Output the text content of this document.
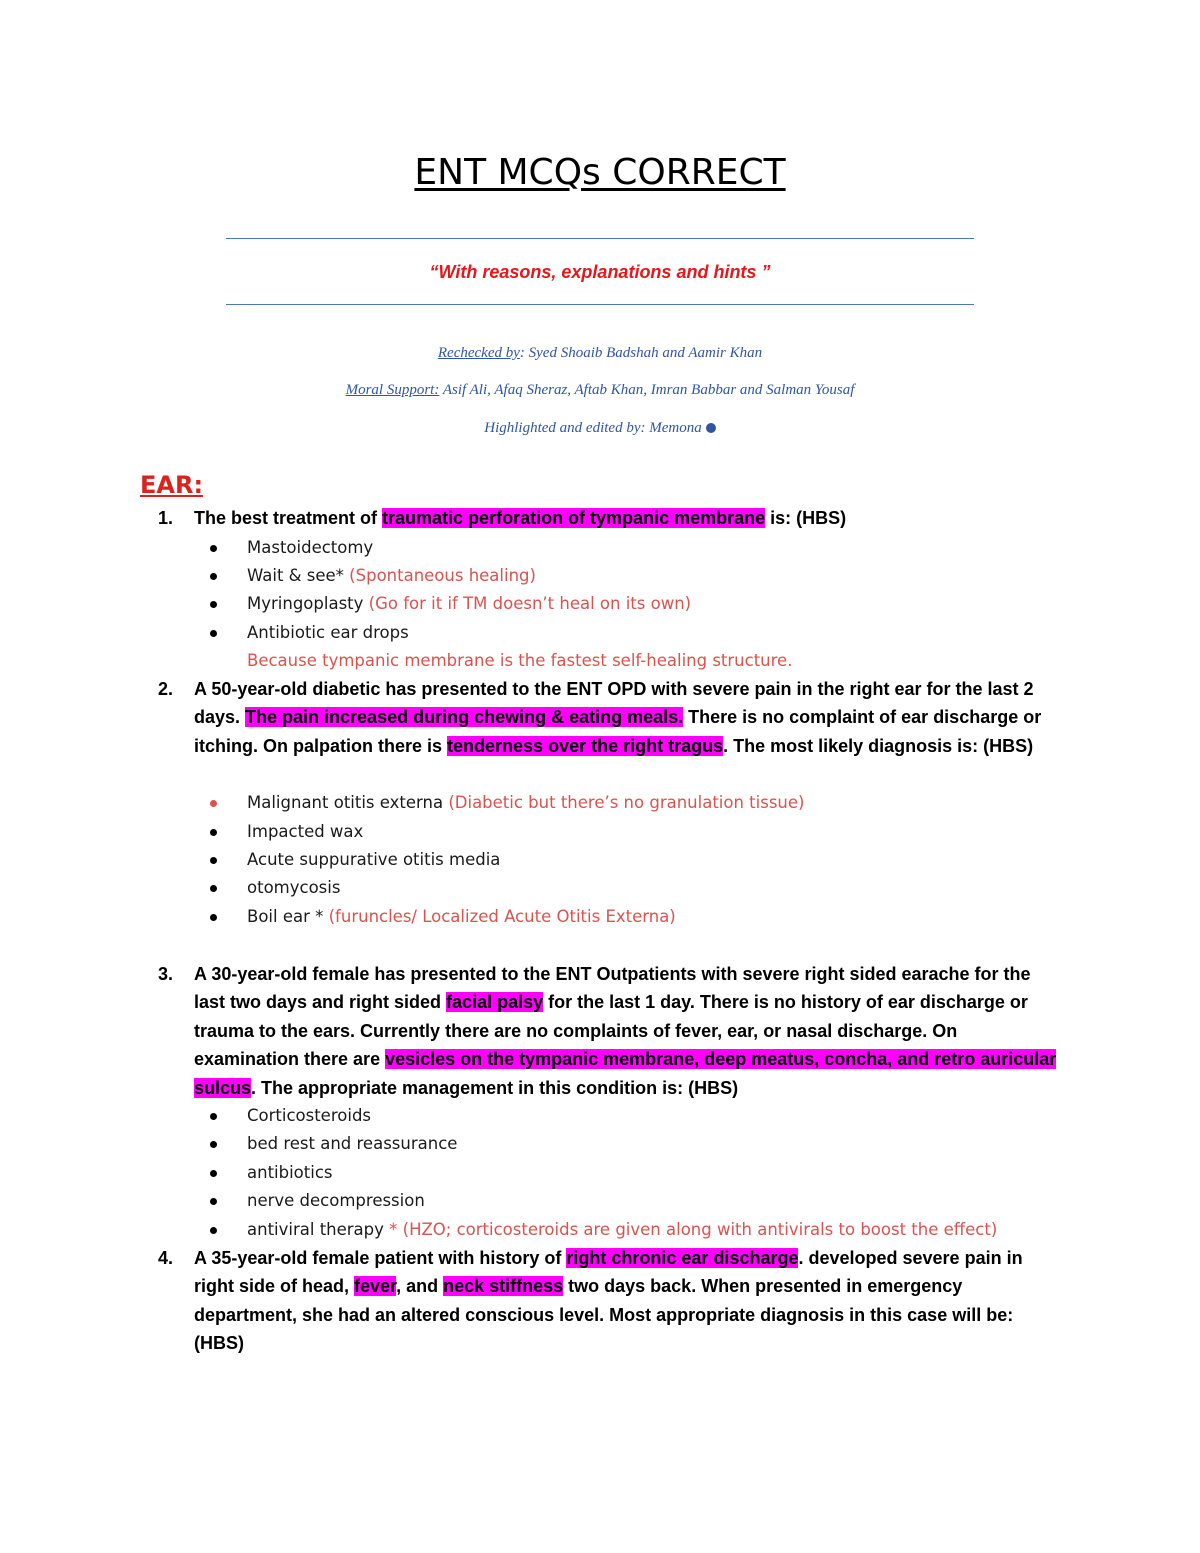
ENT MCQs CORRECT
“With reasons, explanations and hints ”
Rechecked by: Syed Shoaib Badshah and Aamir Khan
Moral Support: Asif Ali, Afaq Sheraz, Aftab Khan, Imran Babbar and Salman Yousaf
Highlighted and edited by: Memona
EAR:
1. The best treatment of traumatic perforation of tympanic membrane is: (HBS)
Mastoidectomy
Wait & see* (Spontaneous healing)
Myringoplasty (Go for it if TM doesn’t heal on its own)
Antibiotic ear drops
Because tympanic membrane is the fastest self-healing structure.
2. A 50-year-old diabetic has presented to the ENT OPD with severe pain in the right ear for the last 2 days. The pain increased during chewing & eating meals. There is no complaint of ear discharge or itching. On palpation there is tenderness over the right tragus. The most likely diagnosis is: (HBS)
Malignant otitis externa (Diabetic but there’s no granulation tissue)
Impacted wax
Acute suppurative otitis media
otomycosis
Boil ear * (furuncles/ Localized Acute Otitis Externa)
3. A 30-year-old female has presented to the ENT Outpatients with severe right sided earache for the last two days and right sided facial palsy for the last 1 day. There is no history of ear discharge or trauma to the ears. Currently there are no complaints of fever, ear, or nasal discharge. On examination there are vesicles on the tympanic membrane, deep meatus, concha, and retro auricular sulcus. The appropriate management in this condition is: (HBS)
Corticosteroids
bed rest and reassurance
antibiotics
nerve decompression
antiviral therapy * (HZO; corticosteroids are given along with antivirals to boost the effect)
4. A 35-year-old female patient with history of right chronic ear discharge. developed severe pain in right side of head, fever, and neck stiffness two days back. When presented in emergency department, she had an altered conscious level. Most appropriate diagnosis in this case will be: (HBS)
